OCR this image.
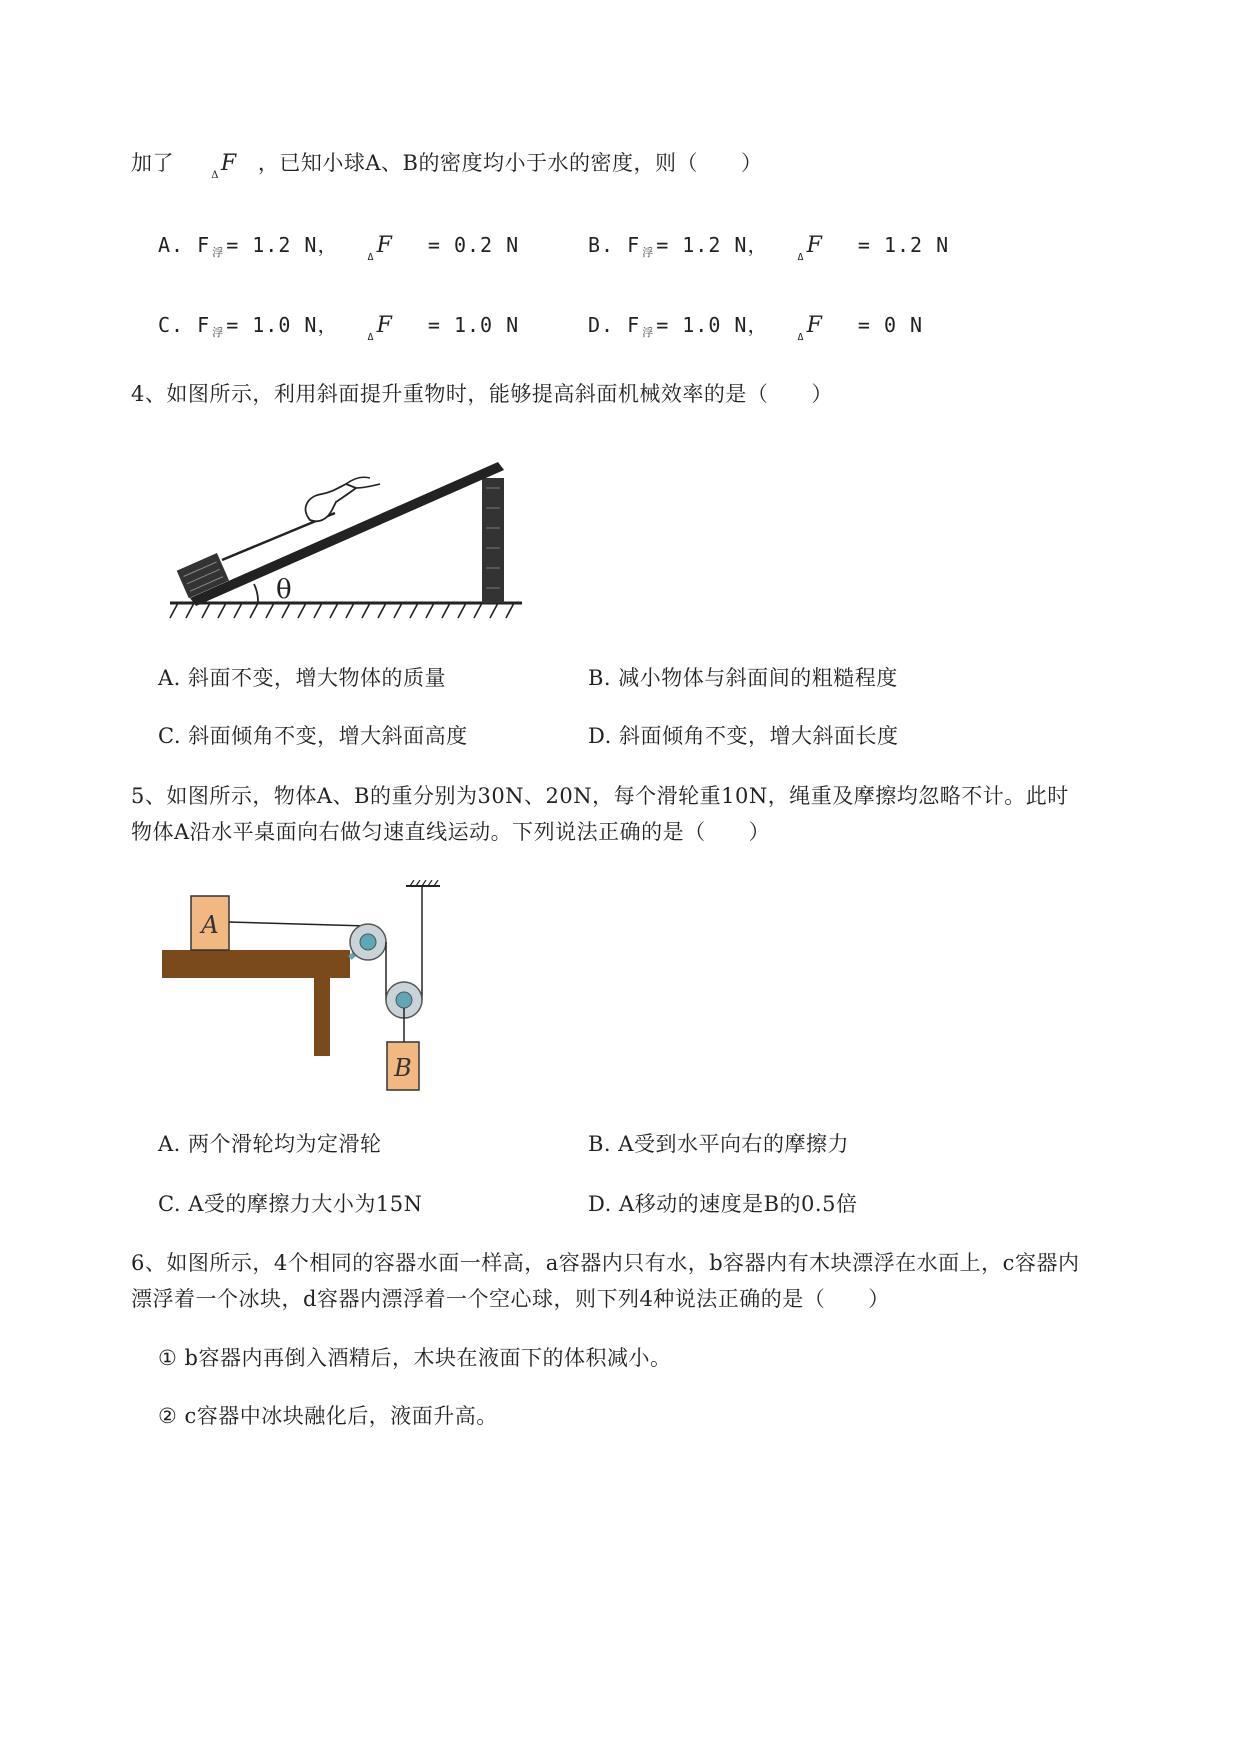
加了 $_\Delta$F ，已知小球A、B的密度均小于水的密度，则（　　）
A. F $_浮$ = 1.2 N， $_\Delta$F = 0.2 N	B. F $_浮$ = 1.2 N， $_\Delta$F = 1.2 N
C. F $_浮$ = 1.0 N， $_\Delta$F = 1.0 N	D. F $_浮$ = 1.0 N， $_\Delta$F = 0 N
4、如图所示，利用斜面提升重物时，能够提高斜面机械效率的是（　　）
θ
A. 斜面不变，增大物体的质量	B. 减小物体与斜面间的粗糙程度
C. 斜面倾角不变，增大斜面高度	D. 斜面倾角不变，增大斜面长度
5、如图所示，物体A、B的重分别为30N、20N，每个滑轮重10N，绳重及摩擦均忽略不计。此时
物体A沿水平桌面向右做匀速直线运动。下列说法正确的是（　　）
A
B
A. 两个滑轮均为定滑轮	B. A受到水平向右的摩擦力
C. A受的摩擦力大小为15N	D. A移动的速度是B的0.5倍
6、如图所示，4个相同的容器水面一样高，a容器内只有水，b容器内有木块漂浮在水面上，c容器内
漂浮着一个冰块，d容器内漂浮着一个空心球，则下列4种说法正确的是（　　）
① b容器内再倒入酒精后，木块在液面下的体积减小。
② c容器中冰块融化后，液面升高。
